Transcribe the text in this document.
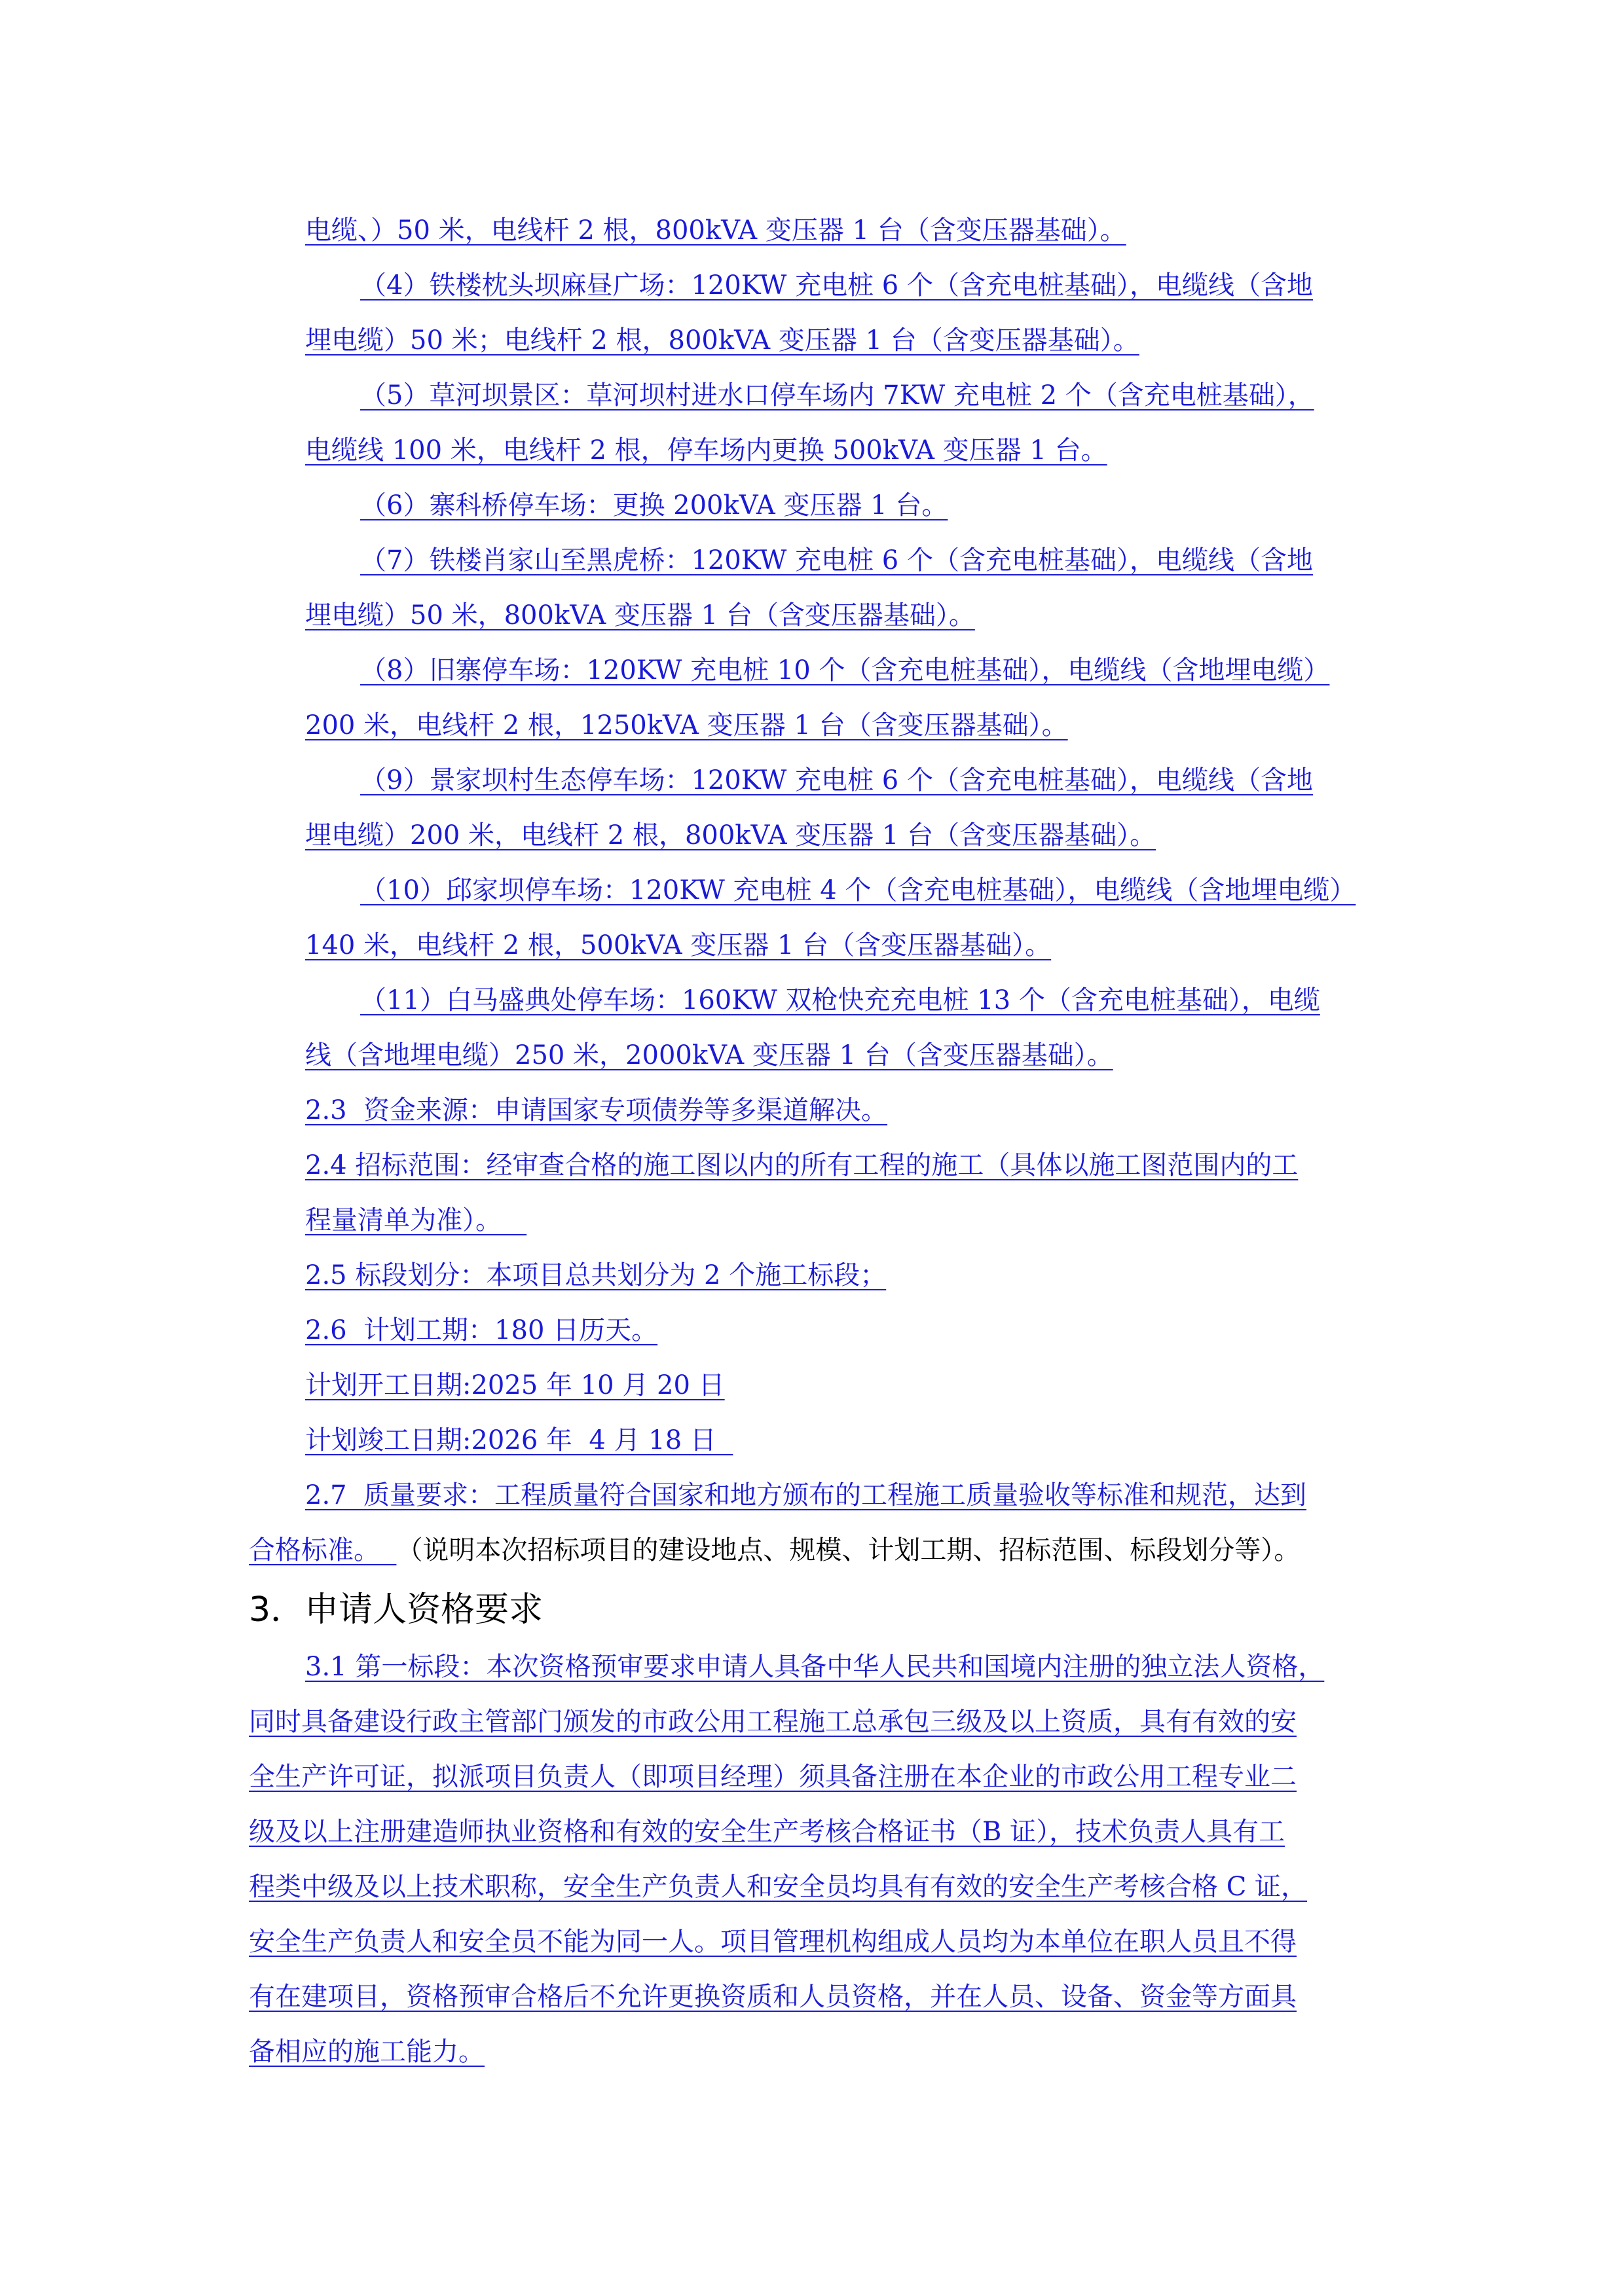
电缆、）50 米，电线杆 2 根，800kVA 变压器 1 台（含变压器基础）。
（4）铁楼枕头坝麻昼广场：120KW 充电桩 6 个（含充电桩基础），电缆线（含地
埋电缆）50 米；电线杆 2 根，800kVA 变压器 1 台（含变压器基础）。
（5）草河坝景区：草河坝村进水口停车场内 7KW 充电桩 2 个（含充电桩基础），
电缆线 100 米，电线杆 2 根，停车场内更换 500kVA 变压器 1 台。
（6）寨科桥停车场：更换 200kVA 变压器 1 台。
（7）铁楼肖家山至黑虎桥：120KW 充电桩 6 个（含充电桩基础），电缆线（含地
埋电缆）50 米，800kVA 变压器 1 台（含变压器基础）。
（8）旧寨停车场：120KW 充电桩 10 个（含充电桩基础），电缆线（含地埋电缆）
200 米，电线杆 2 根，1250kVA 变压器 1 台（含变压器基础）。
（9）景家坝村生态停车场：120KW 充电桩 6 个（含充电桩基础），电缆线（含地
埋电缆）200 米，电线杆 2 根，800kVA 变压器 1 台（含变压器基础）。
（10）邱家坝停车场：120KW 充电桩 4 个（含充电桩基础），电缆线（含地埋电缆）
140 米，电线杆 2 根，500kVA 变压器 1 台（含变压器基础）。
（11）白马盛典处停车场：160KW 双枪快充充电桩 13 个（含充电桩基础），电缆
线（含地埋电缆）250 米，2000kVA 变压器 1 台（含变压器基础）。
2.3  资金来源：申请国家专项债券等多渠道解决。
2.4 招标范围：经审查合格的施工图以内的所有工程的施工（具体以施工图范围内的工
程量清单为准）。
2.5 标段划分：本项目总共划分为 2 个施工标段；
2.6  计划工期：180 日历天。
计划开工日期:2025 年 10 月 20 日
计划竣工日期:2026 年  4 月 18 日
2.7  质量要求：工程质量符合国家和地方颁布的工程施工质量验收等标准和规范，达到
合格标准。  （说明本次招标项目的建设地点、规模、计划工期、招标范围、标段划分等）。
3．申请人资格要求
3.1 第一标段：本次资格预审要求申请人具备中华人民共和国境内注册的独立法人资格，
同时具备建设行政主管部门颁发的市政公用工程施工总承包三级及以上资质，具有有效的安
全生产许可证，拟派项目负责人（即项目经理）须具备注册在本企业的市政公用工程专业二
级及以上注册建造师执业资格和有效的安全生产考核合格证书（B 证），技术负责人具有工
程类中级及以上技术职称，安全生产负责人和安全员均具有有效的安全生产考核合格 C 证，
安全生产负责人和安全员不能为同一人。项目管理机构组成人员均为本单位在职人员且不得
有在建项目，资格预审合格后不允许更换资质和人员资格，并在人员、设备、资金等方面具
备相应的施工能力。
